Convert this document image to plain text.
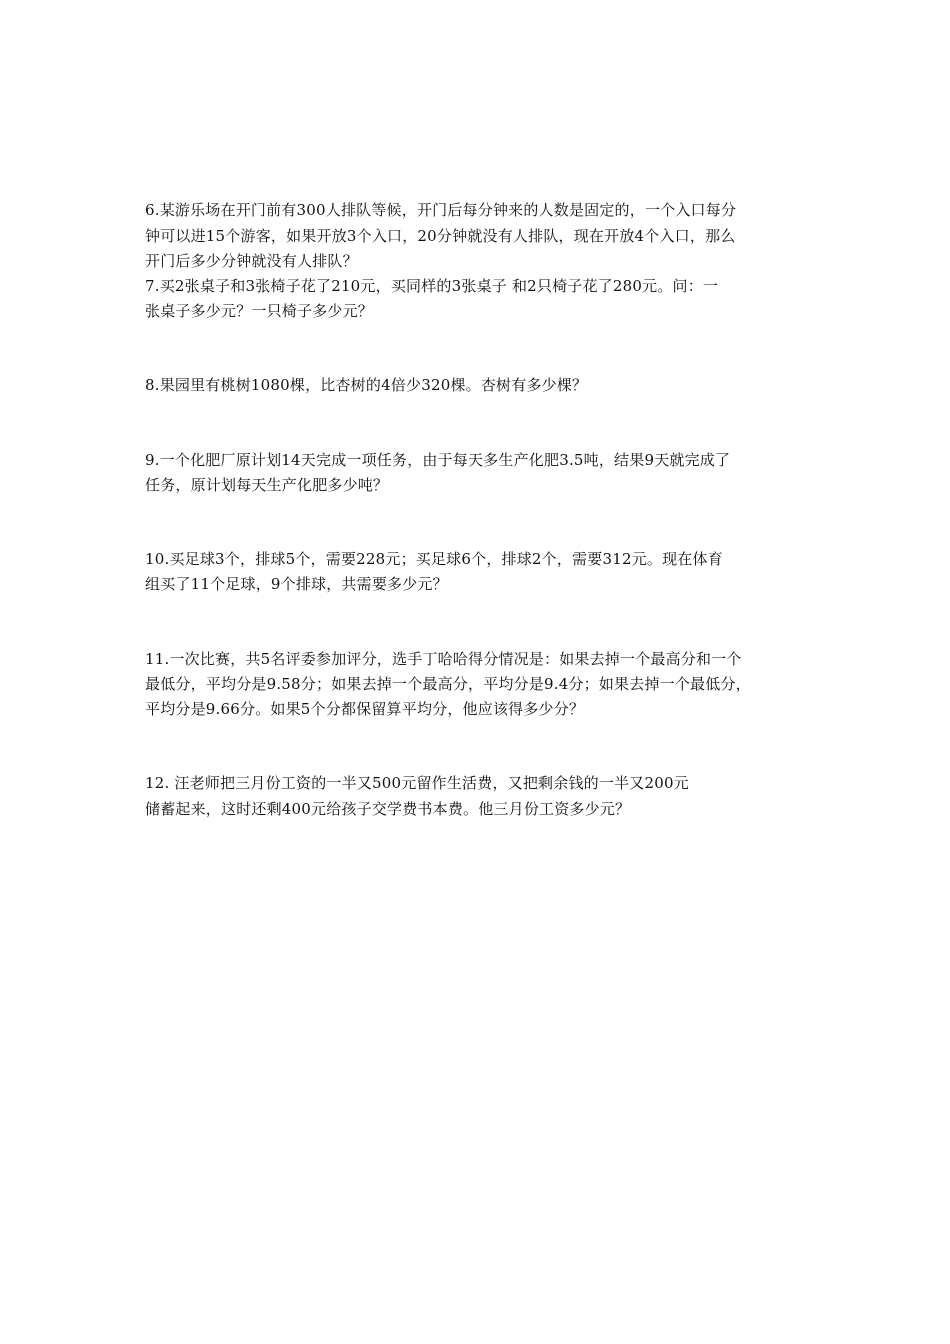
6.某游乐场在开门前有300人排队等候，开门后每分钟来的人数是固定的，一个入口每分
钟可以进15个游客，如果开放3个入口，20分钟就没有人排队，现在开放4个入口，那么
开门后多少分钟就没有人排队？
7.买2张桌子和3张椅子花了210元，买同样的3张桌子 和2只椅子花了280元。问：一
张桌子多少元？一只椅子多少元？
8.果园里有桃树1080棵，比杏树的4倍少320棵。杏树有多少棵？
9.一个化肥厂原计划14天完成一项任务，由于每天多生产化肥3.5吨，结果9天就完成了
任务，原计划每天生产化肥多少吨？
10.买足球3个，排球5个，需要228元；买足球6个，排球2个，需要312元。现在体育
组买了11个足球，9个排球，共需要多少元？
11.一次比赛，共5名评委参加评分，选手丁哈哈得分情况是：如果去掉一个最高分和一个
最低分，平均分是9.58分；如果去掉一个最高分，平均分是9.4分；如果去掉一个最低分，
平均分是9.66分。如果5个分都保留算平均分，他应该得多少分？
12. 汪老师把三月份工资的一半又500元留作生活费，又把剩余钱的一半又200元
储蓄起来，这时还剩400元给孩子交学费书本费。他三月份工资多少元？
